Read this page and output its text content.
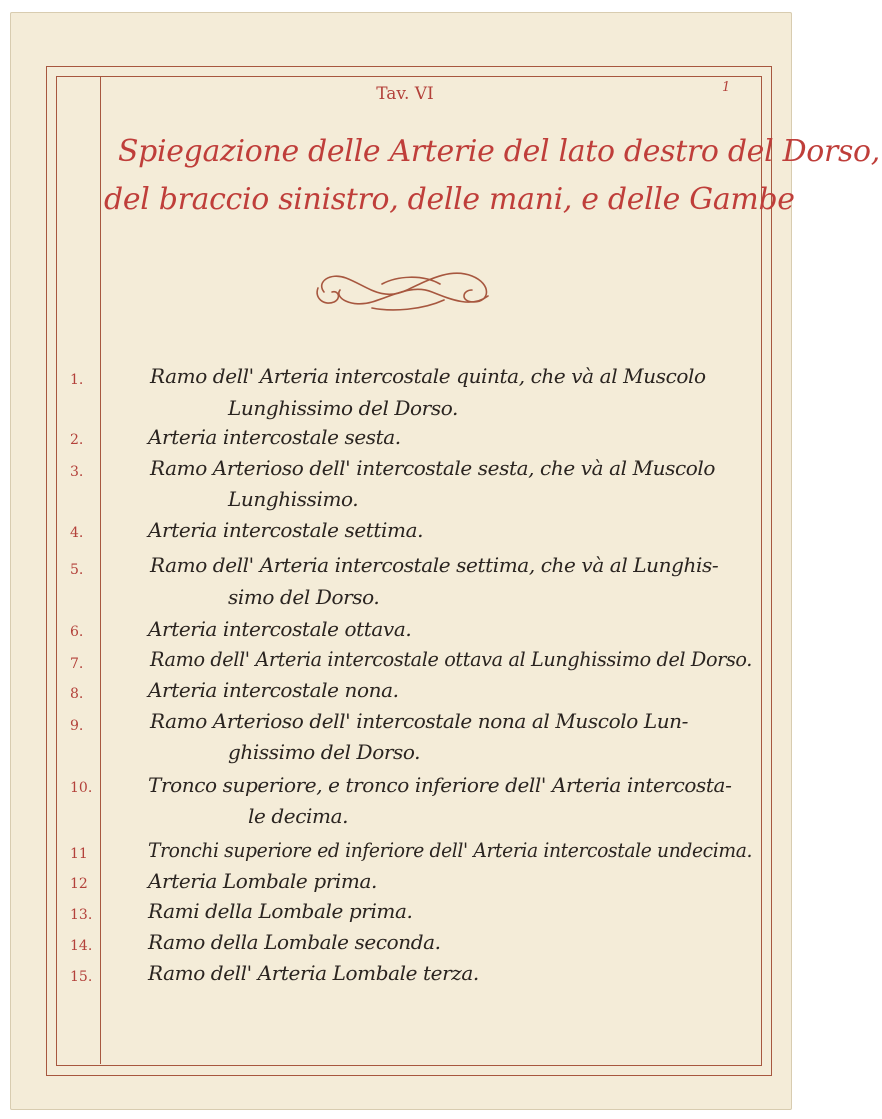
Tav. VI	1
Spiegazione delle Arterie del lato destro del Dorso, del braccio sinistro, delle mani, e delle Gambe
1.	Ramo dell' Arteria intercostale quinta, che và al Muscolo
Lunghissimo del Dorso.
2.	Arteria intercostale sesta.
3.	Ramo Arterioso dell' intercostale sesta, che và al Muscolo
Lunghissimo.
4.	Arteria intercostale settima.
5.	Ramo dell' Arteria intercostale settima, che và al Lunghis-
simo del Dorso.
6.	Arteria intercostale ottava.
7.	Ramo dell' Arteria intercostale ottava al Lunghissimo del Dorso.
8.	Arteria intercostale nona.
9.	Ramo Arterioso dell' intercostale nona al Muscolo Lun-
ghissimo del Dorso.
10.	Tronco superiore, e tronco inferiore dell' Arteria intercosta-
le decima.
11	Tronchi superiore ed inferiore dell' Arteria intercostale undecima.
12	Arteria Lombale prima.
13.	Rami della Lombale prima.
14.	Ramo della Lombale seconda.
15.	Ramo dell' Arteria Lombale terza.
